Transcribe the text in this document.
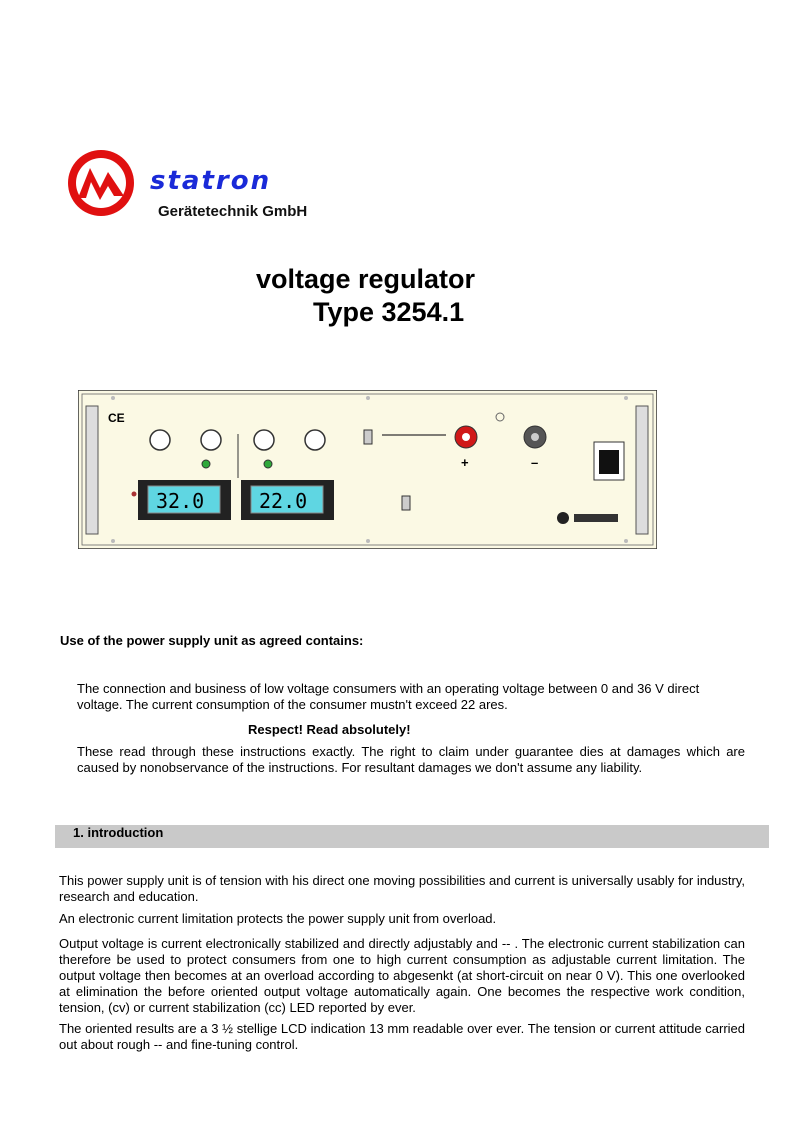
statron
Gerätetechnik GmbH
voltage regulator
Type 3254.1
CE
32.0	22.0
+	–
Use of the power supply unit as agreed contains:
The connection and business of low voltage consumers with an operating voltage between 0 and 36 V direct voltage. The current consumption of the consumer mustn't exceed 22 ares.
Respect! Read absolutely!
These read through these instructions exactly. The right to claim under guarantee dies at damages which are caused by nonobservance of the instructions. For resultant damages we don't assume any liability.
1. introduction
This power supply unit is of tension with his direct one moving possibilities and current is universally usably for industry, research and education.
An electronic current limitation protects the power supply unit from overload.
Output voltage is current electronically stabilized and directly adjustably and -- . The electronic current stabilization can therefore be used to protect consumers from one to high current consumption as adjustable current limitation. The output voltage then becomes at an overload according to abgesenkt (at short-circuit on near 0 V). This one overlooked at elimination the before oriented output voltage automatically again. One becomes the respective work condition, tension, (cv) or current stabilization (cc) LED reported by ever.
The oriented results are a 3 ½ stellige LCD indication 13 mm readable over ever. The tension or current attitude carried out about rough -- and fine-tuning control.
